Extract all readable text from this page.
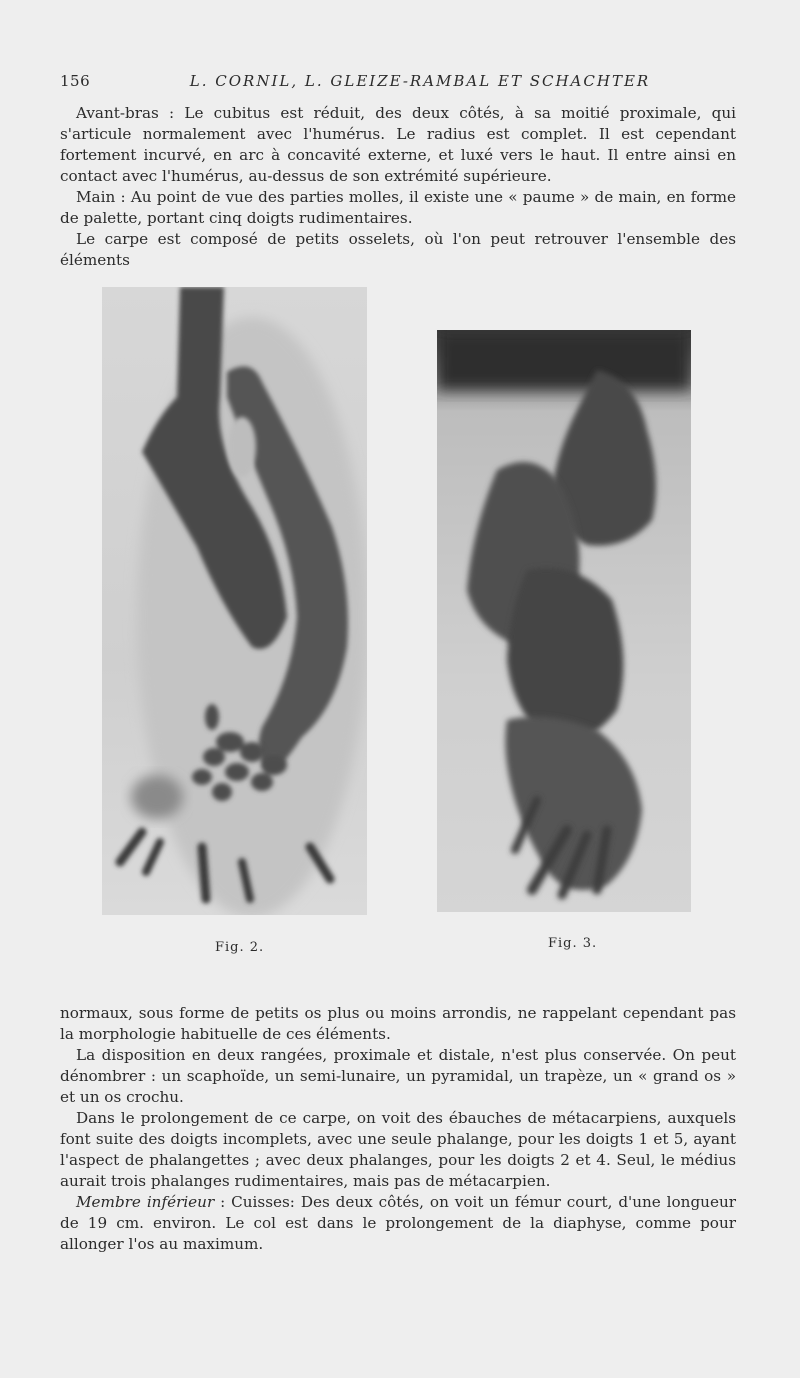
156	L. CORNIL, L. GLEIZE-RAMBAL ET SCHACHTER

Avant-bras : Le cubitus est réduit, des deux côtés, à sa moitié proximale, qui s'articule normalement avec l'humérus. Le radius est complet. Il est cependant fortement incurvé, en arc à concavité externe, et luxé vers le haut. Il entre ainsi en contact avec l'humérus, au-dessus de son extrémité supérieure.

Main : Au point de vue des parties molles, il existe une « paume » de main, en forme de palette, portant cinq doigts rudimentaires.

Le carpe est composé de petits osselets, où l'on peut retrouver l'ensemble des éléments

Fig. 2.	Fig. 3.

normaux, sous forme de petits os plus ou moins arrondis, ne rappelant cependant pas la morphologie habituelle de ces éléments.

La disposition en deux rangées, proximale et distale, n'est plus conservée. On peut dénombrer : un scaphoïde, un semi-lunaire, un pyramidal, un trapèze, un « grand os » et un os crochu.

Dans le prolongement de ce carpe, on voit des ébauches de métacarpiens, auxquels font suite des doigts incomplets, avec une seule phalange, pour les doigts 1 et 5, ayant l'aspect de phalangettes ; avec deux phalanges, pour les doigts 2 et 4. Seul, le médius aurait trois phalanges rudimentaires, mais pas de métacarpien.

Membre inférieur : Cuisses: Des deux côtés, on voit un fémur court, d'une longueur de 19 cm. environ. Le col est dans le prolongement de la diaphyse, comme pour allonger l'os au maximum.
